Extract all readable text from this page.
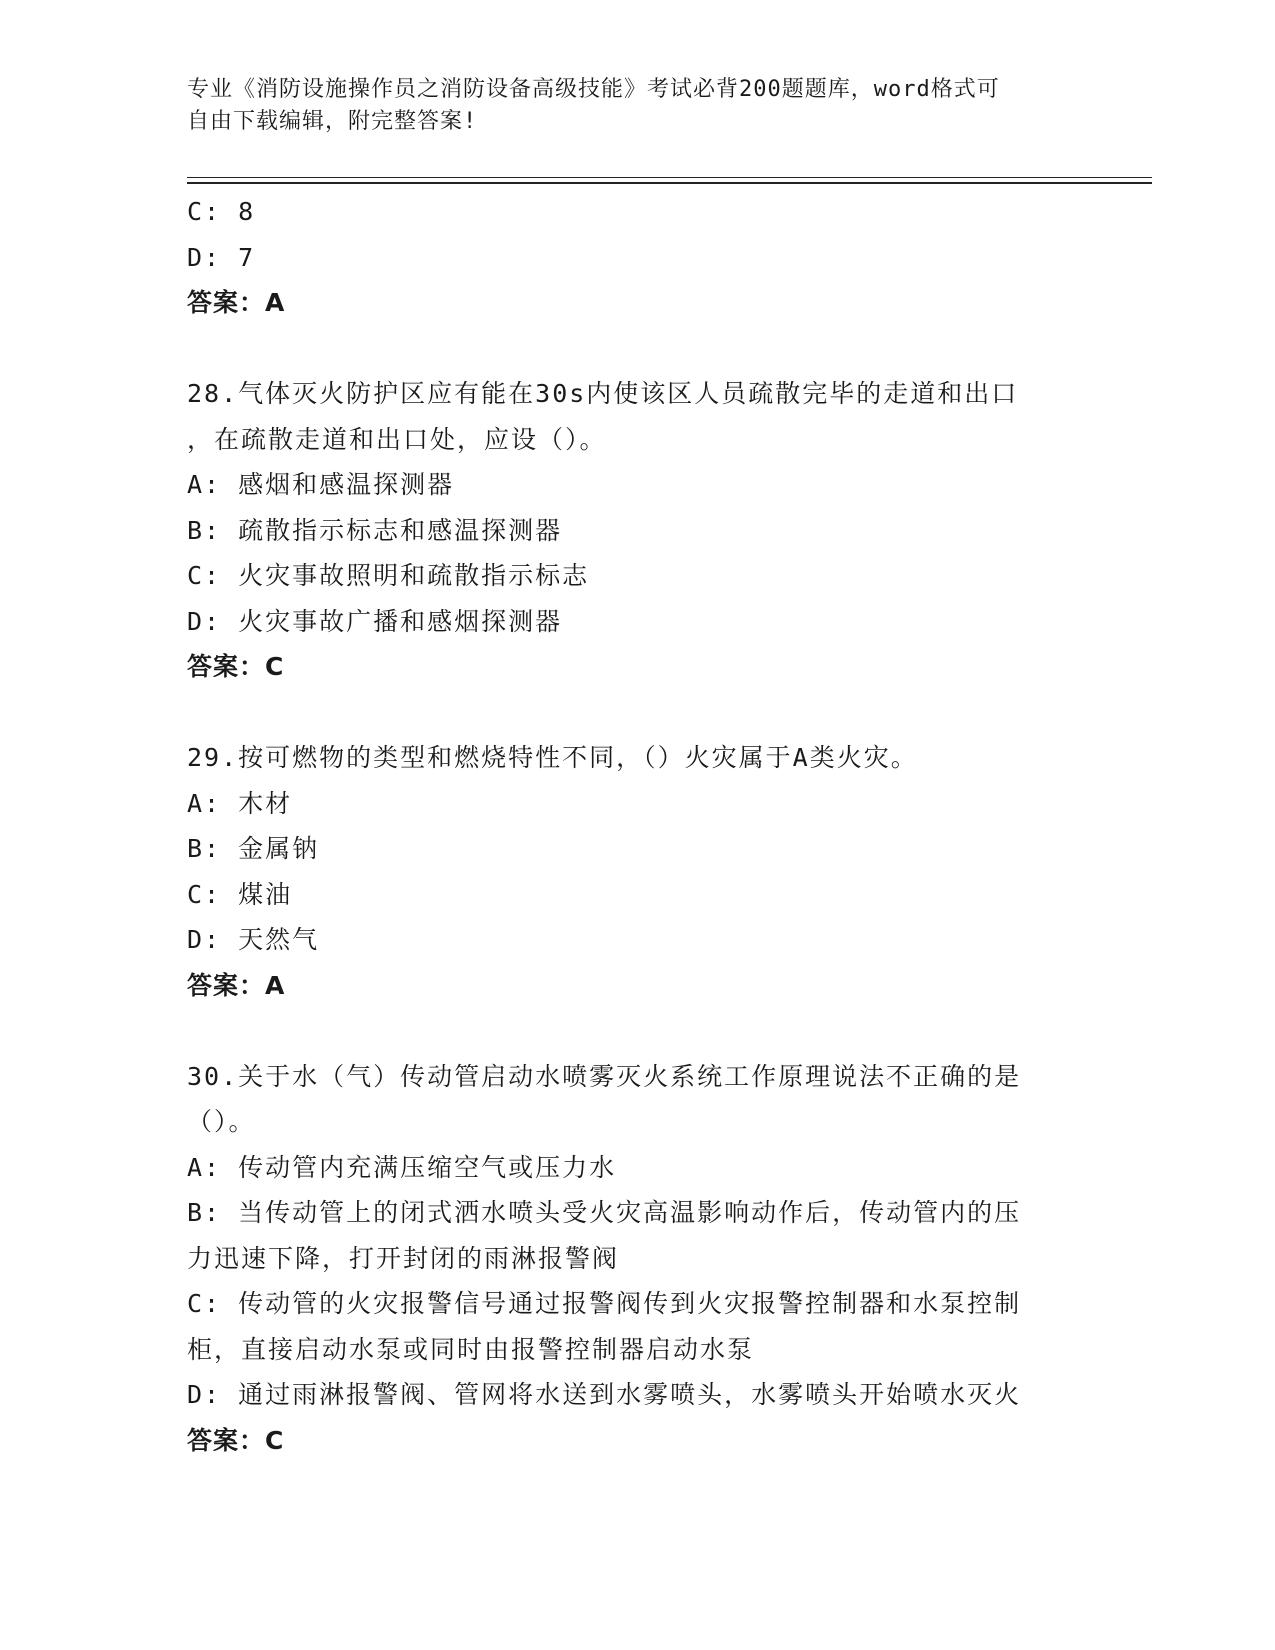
专业《消防设施操作员之消防设备高级技能》考试必背200题题库，word格式可
自由下载编辑，附完整答案!
C: 8
D: 7
答案：A
28.气体灭火防护区应有能在30s内使该区人员疏散完毕的走道和出口
，在疏散走道和出口处，应设（）。
A: 感烟和感温探测器
B: 疏散指示标志和感温探测器
C: 火灾事故照明和疏散指示标志
D: 火灾事故广播和感烟探测器
答案：C
29.按可燃物的类型和燃烧特性不同，（）火灾属于A类火灾。
A: 木材
B: 金属钠
C: 煤油
D: 天然气
答案：A
30.关于水（气）传动管启动水喷雾灭火系统工作原理说法不正确的是
（）。
A: 传动管内充满压缩空气或压力水
B: 当传动管上的闭式洒水喷头受火灾高温影响动作后，传动管内的压
力迅速下降，打开封闭的雨淋报警阀
C: 传动管的火灾报警信号通过报警阀传到火灾报警控制器和水泵控制
柜，直接启动水泵或同时由报警控制器启动水泵
D: 通过雨淋报警阀、管网将水送到水雾喷头，水雾喷头开始喷水灭火
答案：C
